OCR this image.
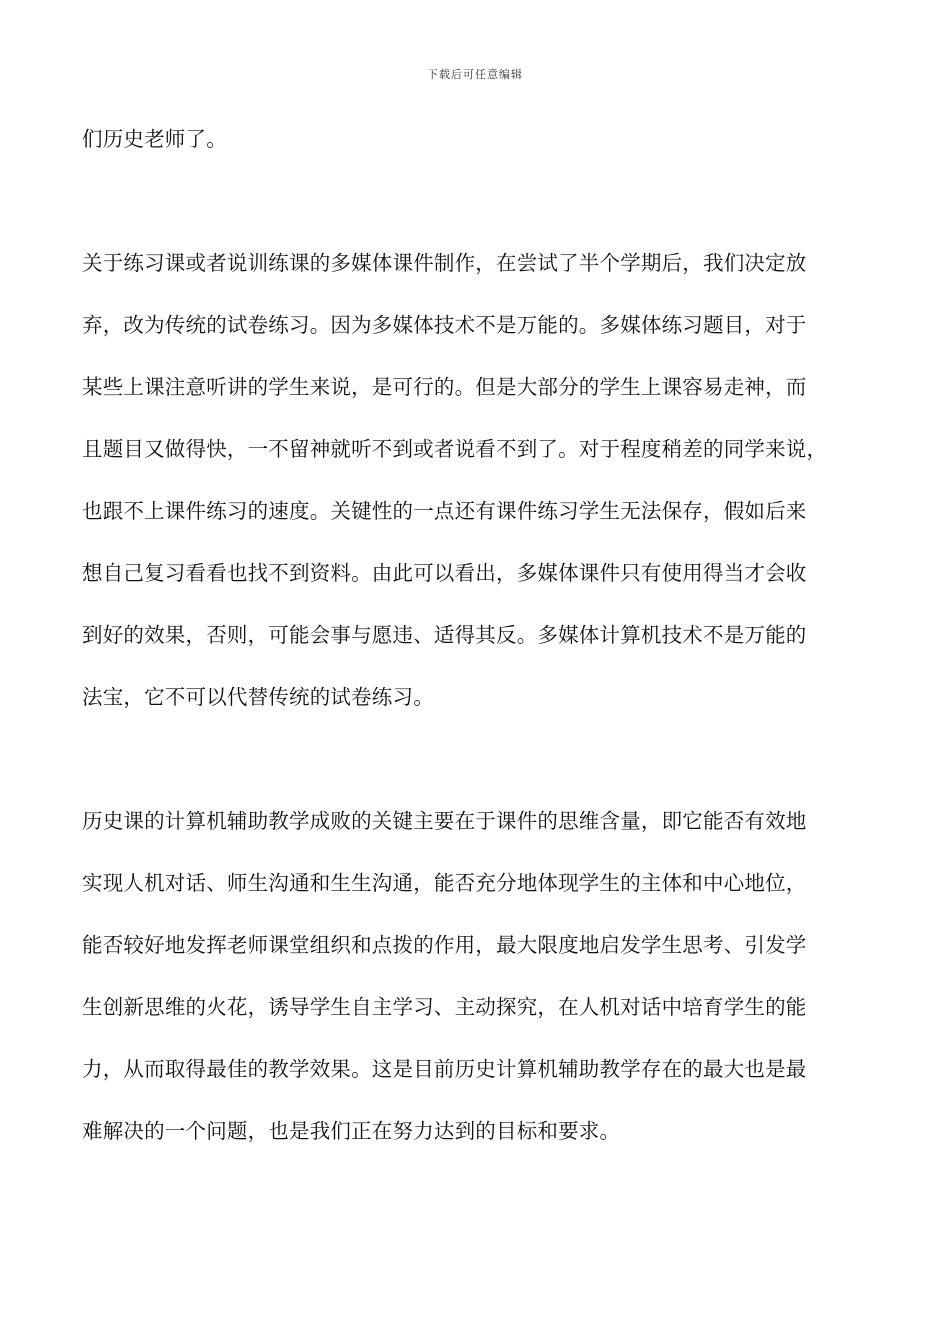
下载后可任意编辑
们历史老师了。
关于练习课或者说训练课的多媒体课件制作，在尝试了半个学期后，我们决定放
弃，改为传统的试卷练习。因为多媒体技术不是万能的。多媒体练习题目，对于
某些上课注意听讲的学生来说，是可行的。但是大部分的学生上课容易走神，而
且题目又做得快，一不留神就听不到或者说看不到了。对于程度稍差的同学来说，
也跟不上课件练习的速度。关键性的一点还有课件练习学生无法保存，假如后来
想自己复习看看也找不到资料。由此可以看出，多媒体课件只有使用得当才会收
到好的效果，否则，可能会事与愿违、适得其反。多媒体计算机技术不是万能的
法宝，它不可以代替传统的试卷练习。
历史课的计算机辅助教学成败的关键主要在于课件的思维含量，即它能否有效地
实现人机对话、师生沟通和生生沟通，能否充分地体现学生的主体和中心地位，
能否较好地发挥老师课堂组织和点拨的作用，最大限度地启发学生思考、引发学
生创新思维的火花，诱导学生自主学习、主动探究，在人机对话中培育学生的能
力，从而取得最佳的教学效果。这是目前历史计算机辅助教学存在的最大也是最
难解决的一个问题，也是我们正在努力达到的目标和要求。
